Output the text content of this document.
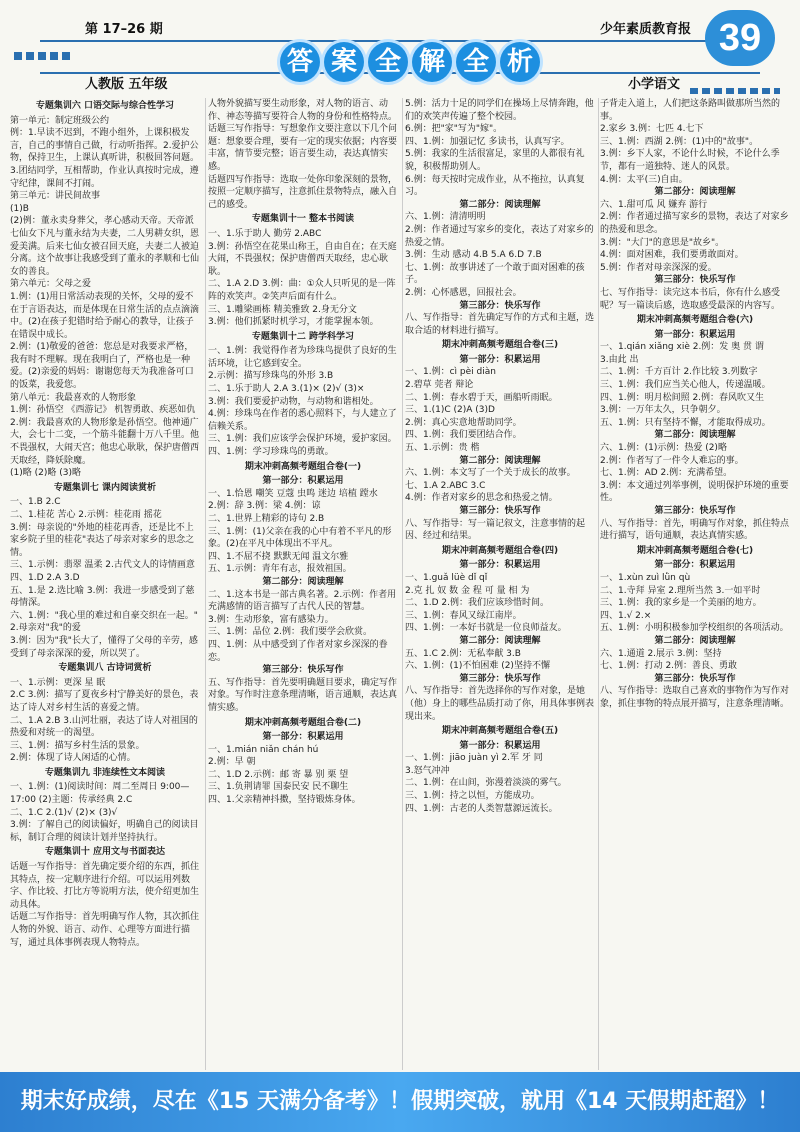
第 17–26 期
人教版 五年级
少年素质教育报
小学语文
39
答 案 全 解 全 析

专题集训六 口语交际与综合性学习

第一单元：制定班级公约

例：1.早读不迟到，不跑小组外，上课积极发言，自己的事情自己做，行动听指挥。2.爱护公物，保持卫生，上课认真听讲，积极回答问题。3.团结同学，互相帮助，作业认真按时完成，遵守纪律，课间不打闹。

第三单元：讲民间故事

(1)B

(2)例：董永卖身葬父，孝心感动天帝。天帝派七仙女下凡与董永结为夫妻，二人男耕女织，恩爱美满。后来七仙女被召回天庭，夫妻二人被迫分离。这个故事让我感受到了董永的孝顺和七仙女的善良。

第六单元：父母之爱

1.例：(1)用日常活动表现的关怀，父母的爱不在于言语表达，而是体现在日常生活的点点滴滴中。(2)在孩子犯错时给予耐心的教导，让孩子在错误中成长。

2.例：(1)敬爱的爸爸：您总是对我要求严格，我有时不理解。现在我明白了，严格也是一种爱。(2)亲爱的妈妈：谢谢您每天为我准备可口的饭菜，我爱您。

第八单元：我最喜欢的人物形象

1.例：孙悟空 《西游记》 机智勇敢、疾恶如仇

2.例：我最喜欢的人物形象是孙悟空。他神通广大，会七十二变，一个筋斗能翻十万八千里。他不畏强权，大闹天宫；他忠心耿耿，保护唐僧西天取经，降妖除魔。

(1)略 (2)略 (3)略

专题集训七 课内阅读赏析

一、1.B 2.C

二、1.桂花 苦心 2.示例：桂花雨 摇花

3.例：母亲说的"外地的桂花再香，还是比不上家乡院子里的桂花"表达了母亲对家乡的思念之情。

三、1.示例：翡翠 温柔 2.古代文人的诗情画意

四、1.D 2.A 3.D

五、1.是 2.选比喻 3.例：我进一步感受到了慈母情深。

六、1.例："我心里的难过和自豪交织在一起。" 2.母亲对"我"的爱

3.例：因为"我"长大了，懂得了父母的辛劳，感受到了母亲深深的爱，所以哭了。

专题集训八 古诗词赏析

一、1.示例：更深 星 眠

2.C 3.例：描写了夏夜乡村宁静美好的景色，表达了诗人对乡村生活的喜爱之情。

二、1.A 2.B 3.山河壮丽，表达了诗人对祖国的热爱和对统一的渴望。

三、1.例：描写乡村生活的景象。

2.例：体现了诗人闲适的心情。

专题集训九 非连续性文本阅读

一、1.例：(1)阅读时间：周二至周日 9:00—17:00 (2)主题：传承经典 2.C

二、1.C 2.(1)√ (2)× (3)√

3.例：了解自己的阅读偏好，明确自己的阅读目标，制订合理的阅读计划并坚持执行。

专题集训十 应用文与书面表达

话题一写作指导：首先确定要介绍的东西，抓住其特点，按一定顺序进行介绍。可以运用列数字、作比较、打比方等说明方法，使介绍更加生动具体。

话题二写作指导：首先明确写作人物，其次抓住人物的外貌、语言、动作、心理等方面进行描写，通过具体事例表现人物特点。

人物外貌描写要生动形象，对人物的语言、动作、神态等描写要符合人物的身份和性格特点。

话题三写作指导：写想象作文要注意以下几个问题：想象要合理，要有一定的现实依据；内容要丰富，情节要完整；语言要生动，表达真情实感。

话题四写作指导：选取一处你印象深刻的景物，按照一定顺序描写，注意抓住景物特点，融入自己的感受。

专题集训十一 整本书阅读

一、1.乐于助人 勤劳 2.ABC

3.例：孙悟空在花果山称王，自由自在；在天庭大闹，不畏强权；保护唐僧西天取经，忠心耿耿。

二、1.A 2.D 3.例：曲：①众人只听见的是一阵阵的欢笑声。②笑声后面有什么。

三、1.雕梁画栋 精美雅致 2.身无分文

3.例：他们抓紧时机学习，才能掌握本领。

专题集训十二 跨学科学习

一、1.例：我觉得作者为珍珠鸟提供了良好的生活环境，让它感到安全。

2.示例：描写珍珠鸟的外形 3.B

二、1.乐于助人 2.A 3.(1)× (2)√ (3)×

3.例：我们要爱护动物，与动物和谐相处。

4.例：珍珠鸟在作者的悉心照料下，与人建立了信赖关系。

三、1.例：我们应该学会保护环境，爱护家园。

四、1.例：学习珍珠鸟的勇敢。

期末冲刺高频考题组合卷(一)

第一部分：积累运用

一、1.恰恩 嘲笑 豆蔻 虫鸣 迷边 培植 蹚水

2.例：辞 3.例：梁 4.例：谅

二、1.世界上精彩的诗句 2.B

三、1.例：(1)父亲在我的心中有着不平凡的形象。(2)在平凡中体现出不平凡。

四、1.不屈不挠 默默无闻 温文尔雅

五、1.示例：青年有志，报效祖国。

第二部分：阅读理解

二、1.这本书是一部古典名著。2.示例：作者用充满感情的语言描写了古代人民的智慧。

3.例：生动形象，富有感染力。

三、1.例：品位 2.例：我们要学会欣赏。

四、1.例：从中感受到了作者对家乡深深的眷恋。

第三部分：快乐写作

五、写作指导：首先要明确题目要求，确定写作对象。写作时注意条理清晰，语言通顺，表达真情实感。

期末冲刺高频考题组合卷(二)

第一部分：积累运用

一、1.mián niǎn chán hú

2.例：早 朝

二、1.D 2.示例：邮 寄 暴 别 栗 望

三、1.负荆请罪 国泰民安 民不聊生

四、1.父亲精神抖擞，坚持锻炼身体。

5.例：活力十足的同学们在操场上尽情奔跑，他们的欢笑声传遍了整个校园。

6.例：把"家"写为"嫁"。

四、1.例：加强记忆 多读书，认真写字。

5.例：我家的生活很富足，家里的人都很有礼貌，积极帮助别人。

6.例：每天按时完成作业，从不拖拉，认真复习。

第二部分：阅读理解

六、1.例：清清明明

2.例：作者通过写家乡的变化，表达了对家乡的热爱之情。

3.例：生动 感动 4.B 5.A 6.D 7.B

七、1.例：故事讲述了一个敢于面对困难的孩子。

2.例：心怀感恩，回报社会。

第三部分：快乐写作

八、写作指导：首先确定写作的方式和主题，选取合适的材料进行描写。

期末冲刺高频考题组合卷(三)

第一部分：积累运用

一、1.例：cì pèi diàn

2.碧草 莞者 辩论

二、1.例：春水碧于天，画船听雨眠。

三、1.(1)C (2)A (3)D

2.例：真心实意地帮助同学。

四、1.例：我们要团结合作。

五、1.示例：贵 楷

第二部分：阅读理解

六、1.例：本文写了一个关于成长的故事。

七、1.A 2.ABC 3.C

4.例：作者对家乡的思念和热爱之情。

第三部分：快乐写作

八、写作指导：写一篇记叙文，注意事情的起因、经过和结果。

期末冲刺高频考题组合卷(四)

第一部分：积累运用

一、1.guǎ lüè dǐ qǐ

2.克 扎 奴 数 金 程 可 量 相 为

二、1.D 2.例：我们应该珍惜时间。

三、1.例：春风又绿江南岸。

四、1.例：一本好书就是一位良师益友。

第二部分：阅读理解

五、1.C 2.例：无私奉献 3.B

六、1.例：(1)不怕困难 (2)坚持不懈

第三部分：快乐写作

八、写作指导：首先选择你的写作对象，是她（他）身上的哪些品质打动了你，用具体事例表现出来。

期末冲刺高频考题组合卷(五)

第一部分：积累运用

一、1.例：jiāo juàn yì 2.军 牙 同

3.怒气冲冲

二、1.例：在山间，弥漫着淡淡的雾气。

三、1.例：持之以恒，方能成功。

四、1.例：古老的人类智慧源远流长。

子背走入道上，人们把这条路叫做那所当然的事。

2.家乡 3.例：七匹 4.七下

三、1.例：西湖 2.例：(1)中的"故事"。

3.例：乡下人家，不论什么时候，不论什么季节，都有一道独特、迷人的风景。

4.例：太平(三)自由。

第二部分：阅读理解

六、1.甜可瓜 风 嫌弃 游行

2.例：作者通过描写家乡的景物，表达了对家乡的热爱和思念。

3.例："大门"的意思是"故乡"。

4.例：面对困难，我们要勇敢面对。

5.例：作者对母亲深深的爱。

第三部分：快乐写作

七、写作指导：读完这本书后，你有什么感受呢？写一篇读后感，选取感受最深的内容写。

期末冲刺高频考题组合卷(六)

第一部分：积累运用

一、1.qián xiǎng xiè 2.例：发 奥 贯 谓

3.由此 出

二、1.例：千方百计 2.作比较 3.列数字

三、1.例：我们应当关心他人，传递温暖。

四、1.例：明月松间照 2.例：春风吹又生

3.例：一万年太久，只争朝夕。

五、1.例：只有坚持不懈，才能取得成功。

第二部分：阅读理解

六、1.例：(1)示例：热爱 (2)略

2.例：作者写了一件令人难忘的事。

七、1.例：AD 2.例：充满希望。

3.例：本文通过列举事例，说明保护环境的重要性。

第三部分：快乐写作

八、写作指导：首先，明确写作对象，抓住特点进行描写，语句通顺，表达真情实感。

期末冲刺高频考题组合卷(七)

第一部分：积累运用

一、1.xùn zuì lǜn qù

二、1.寺拜 异室 2.理所当然 3.一如平时

三、1.例：我的家乡是一个美丽的地方。

四、1.√ 2.×

五、1.例：小明积极参加学校组织的各项活动。

第二部分：阅读理解

六、1.通道 2.展示 3.例：坚持

七、1.例：打动 2.例：善良、勇敢

第三部分：快乐写作

八、写作指导：选取自己喜欢的事物作为写作对象，抓住事物的特点展开描写，注意条理清晰。

期末好成绩，尽在《15 天满分备考》！假期突破，就用《14 天假期赶超》！
